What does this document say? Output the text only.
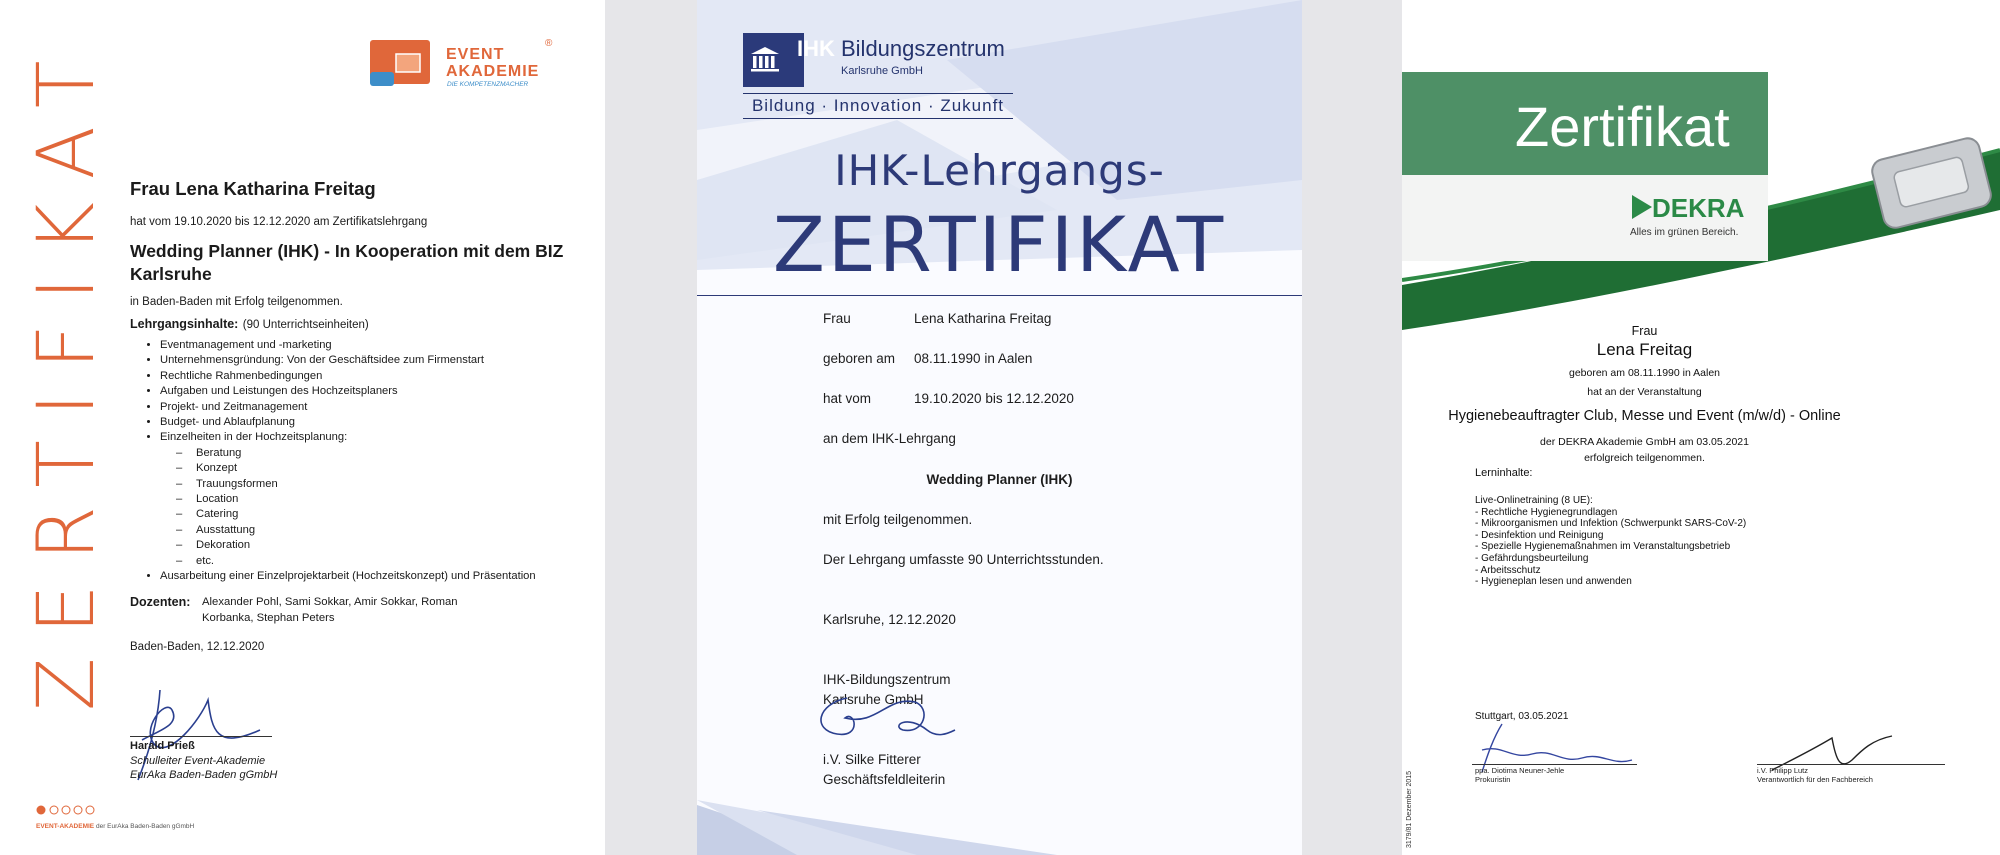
EVENT
AKADEMIE
DIE KOMPETENZMACHER
®
ZERTIFIKAT Frau Lena Katharina Freitag
hat vom 19.10.2020 bis 12.12.2020 am Zertifikatslehrgang
Wedding Planner (IHK) - In Kooperation mit dem BIZ Karlsruhe
in Baden-Baden mit Erfolg teilgenommen.
Lehrgangsinhalte: (90 Unterrichtseinheiten)
• Eventmanagement und -marketing
• Unternehmensgründung: Von der Geschäftsidee zum Firmenstart
• Rechtliche Rahmenbedingungen
• Aufgaben und Leistungen des Hochzeitsplaners
• Projekt- und Zeitmanagement
• Budget- und Ablaufplanung
• Einzelheiten in der Hochzeitsplanung:
– Beratung
– Konzept
– Trauungsformen
– Location
– Catering
– Ausstattung
– Dekoration
– etc.
• Ausarbeitung einer Einzelprojektarbeit (Hochzeitskonzept) und Präsentation
Dozenten:	Alexander Pohl, Sami Sokkar, Amir Sokkar, Roman Korbanka, Stephan Peters
Baden-Baden, 12.12.2020
Harald Prieß
Schulleiter Event-Akademie
EurAka Baden-Baden gGmbH
EVENT-AKADEMIE der EurAka Baden-Baden gGmbH
IHK Bildungszentrum
Karlsruhe GmbH
Bildung · Innovation · Zukunft
IHK-Lehrgangs-
ZERTIFIKAT
Frau	Lena Katharina Freitag
geboren am 08.11.1990 in Aalen
hat vom	19.10.2020 bis 12.12.2020
an dem IHK-Lehrgang
Wedding Planner (IHK)
mit Erfolg teilgenommen.
Der Lehrgang umfasste 90 Unterrichtsstunden.
Karlsruhe, 12.12.2020
IHK-Bildungszentrum
Karlsruhe GmbH
i.V. Silke Fitterer
Geschäftsfeldleiterin
Zertifikat
DEKRA
Alles im grünen Bereich.
Frau
Lena Freitag
geboren am 08.11.1990 in Aalen
hat an der Veranstaltung
Hygienebeauftragter Club, Messe und Event (m/w/d) - Online
der DEKRA Akademie GmbH am 03.05.2021
erfolgreich teilgenommen.
Lerninhalte:
Live-Onlinetraining (8 UE):
- Rechtliche Hygienegrundlagen
- Mikroorganismen und Infektion (Schwerpunkt SARS-CoV-2)
- Desinfektion und Reinigung
- Spezielle Hygienemaßnahmen im Veranstaltungsbetrieb
- Gefährdungsbeurteilung
- Arbeitsschutz
- Hygieneplan lesen und anwenden
Stuttgart, 03.05.2021
ppa. Diotima Neuner-Jehle
Prokuristin
i.V. Philipp Lutz
Verantwortlich für den Fachbereich
3179/81 Dezember 2015
